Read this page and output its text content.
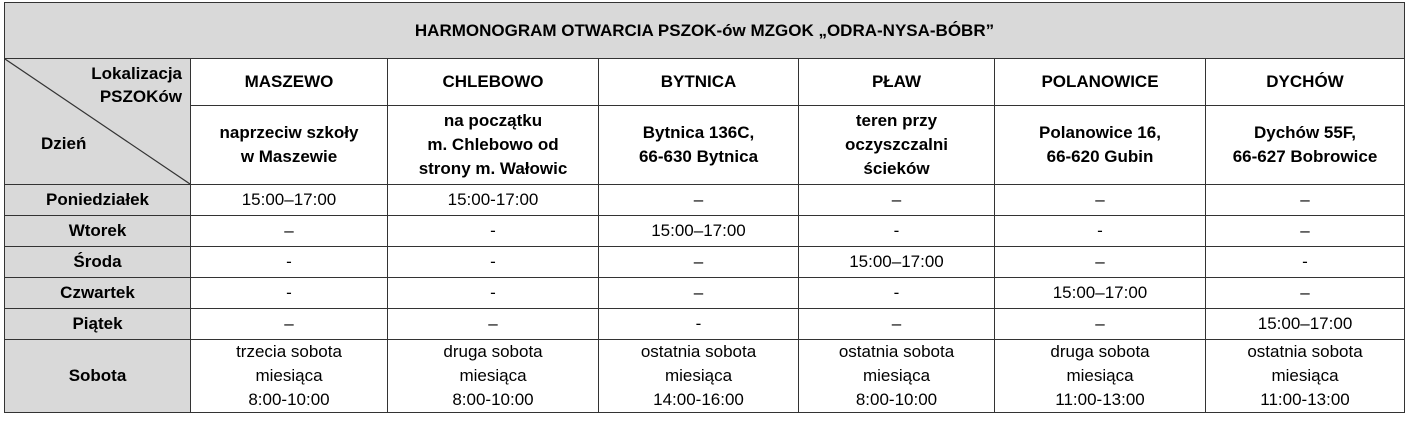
HARMONOGRAM OTWARCIA PSZOK-ów MZGOK „ODRA-NYSA-BÓBR”						

Lokalizacja
PSZOKów
Dzień	MASZEWO	CHLEBOWO	BYTNICA	PŁAW	POLANOWICE	DYCHÓW

	naprzeciw szkoły
w Maszewie	na początku
m. Chlebowo od
strony m. Wałowic	Bytnica 136C,
66-630 Bytnica	teren przy
oczyszczalni
ścieków	Polanowice 16,
66-620 Gubin	Dychów 55F,
66-627 Bobrowice

Poniedziałek	15:00–17:00	15:00-17:00	–	–	–	–
Wtorek	–	-	15:00–17:00	-	-	–
Środa	-	-	–	15:00–17:00	–	-
Czwartek	-	-	–	-	15:00–17:00	–
Piątek	–	–	-	–	–	15:00–17:00
Sobota	trzecia sobota
miesiąca
8:00-10:00	druga sobota
miesiąca
8:00-10:00	ostatnia sobota
miesiąca
14:00-16:00	ostatnia sobota
miesiąca
8:00-10:00	druga sobota
miesiąca
11:00-13:00	ostatnia sobota
miesiąca
11:00-13:00
